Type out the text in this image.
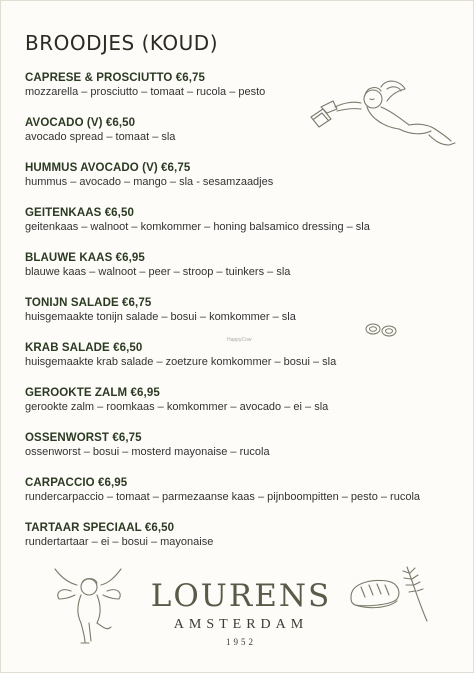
BROODJES (KOUD)
CAPRESE & PROSCIUTTO €6,75
mozzarella – prosciutto – tomaat – rucola – pesto
AVOCADO (V) €6,50
avocado spread – tomaat – sla
HUMMUS AVOCADO (V) €6,75
hummus – avocado – mango – sla - sesamzaadjes
GEITENKAAS €6,50
geitenkaas – walnoot – komkommer – honing balsamico dressing – sla
BLAUWE KAAS €6,95
blauwe kaas – walnoot – peer – stroop – tuinkers – sla
TONIJN SALADE €6,75
huisgemaakte tonijn salade – bosui – komkommer – sla
KRAB SALADE €6,50
huisgemaakte krab salade – zoetzure komkommer – bosui – sla
GEROOKTE ZALM €6,95
gerookte zalm – roomkaas – komkommer – avocado – ei – sla
OSSENWORST €6,75
ossenworst – bosui – mosterd mayonaise – rucola
CARPACCIO €6,95
rundercarpaccio – tomaat – parmezaanse kaas – pijnboompitten – pesto – rucola
TARTAAR SPECIAAL €6,50
rundertartaar – ei – bosui – mayonaise
HappyCow
LOURENS
AMSTERDAM
1952
